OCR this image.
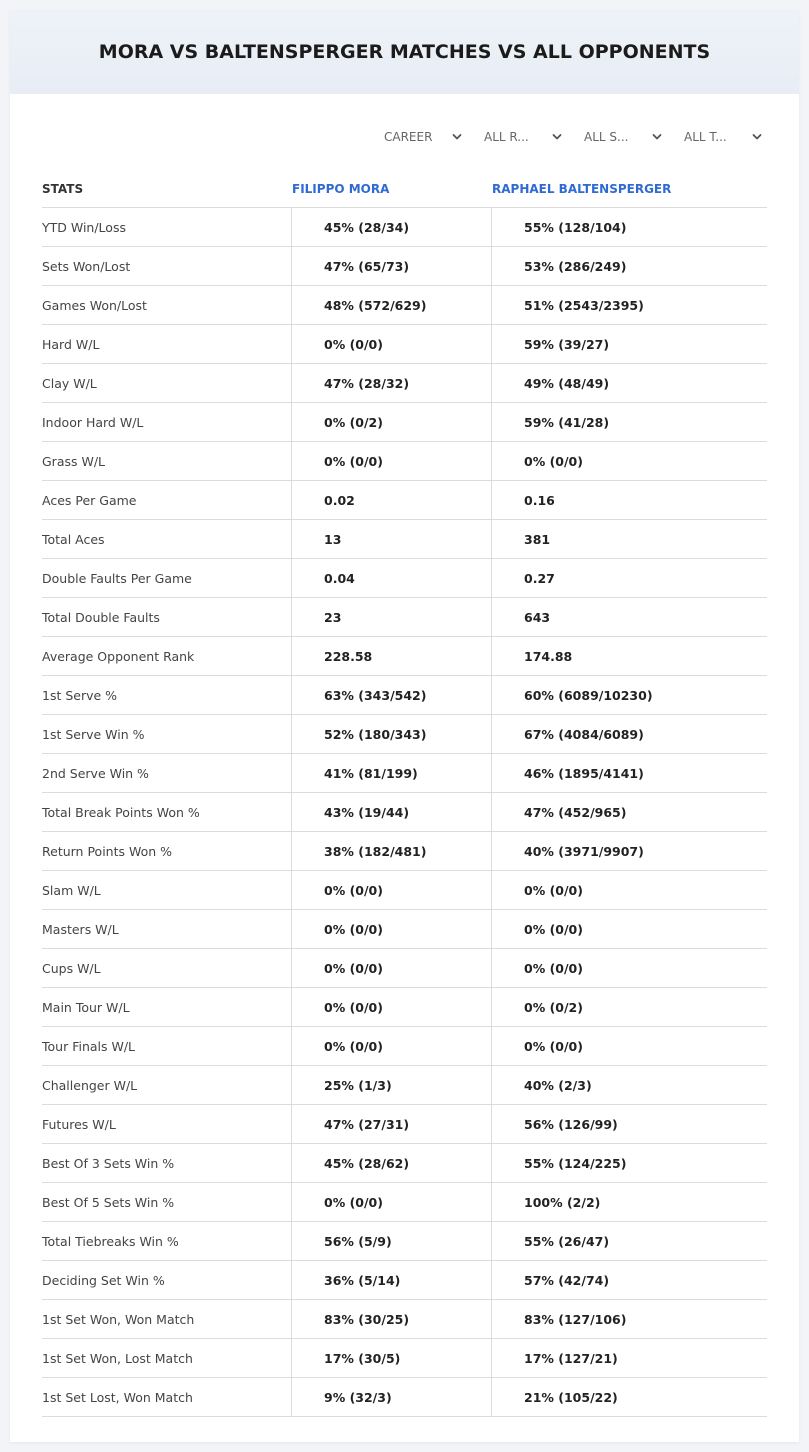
MORA VS BALTENSPERGER MATCHES VS ALL OPPONENTS
CAREER	ALL R...	ALL S...	ALL T...
STATS	FILIPPO MORA	RAPHAEL BALTENSPERGER
YTD Win/Loss	45% (28/34)	55% (128/104)
Sets Won/Lost	47% (65/73)	53% (286/249)
Games Won/Lost	48% (572/629)	51% (2543/2395)
Hard W/L	0% (0/0)	59% (39/27)
Clay W/L	47% (28/32)	49% (48/49)
Indoor Hard W/L	0% (0/2)	59% (41/28)
Grass W/L	0% (0/0)	0% (0/0)
Aces Per Game	0.02	0.16
Total Aces	13	381
Double Faults Per Game	0.04	0.27
Total Double Faults	23	643
Average Opponent Rank	228.58	174.88
1st Serve %	63% (343/542)	60% (6089/10230)
1st Serve Win %	52% (180/343)	67% (4084/6089)
2nd Serve Win %	41% (81/199)	46% (1895/4141)
Total Break Points Won %	43% (19/44)	47% (452/965)
Return Points Won %	38% (182/481)	40% (3971/9907)
Slam W/L	0% (0/0)	0% (0/0)
Masters W/L	0% (0/0)	0% (0/0)
Cups W/L	0% (0/0)	0% (0/0)
Main Tour W/L	0% (0/0)	0% (0/2)
Tour Finals W/L	0% (0/0)	0% (0/0)
Challenger W/L	25% (1/3)	40% (2/3)
Futures W/L	47% (27/31)	56% (126/99)
Best Of 3 Sets Win %	45% (28/62)	55% (124/225)
Best Of 5 Sets Win %	0% (0/0)	100% (2/2)
Total Tiebreaks Win %	56% (5/9)	55% (26/47)
Deciding Set Win %	36% (5/14)	57% (42/74)
1st Set Won, Won Match	83% (30/25)	83% (127/106)
1st Set Won, Lost Match	17% (30/5)	17% (127/21)
1st Set Lost, Won Match	9% (32/3)	21% (105/22)
